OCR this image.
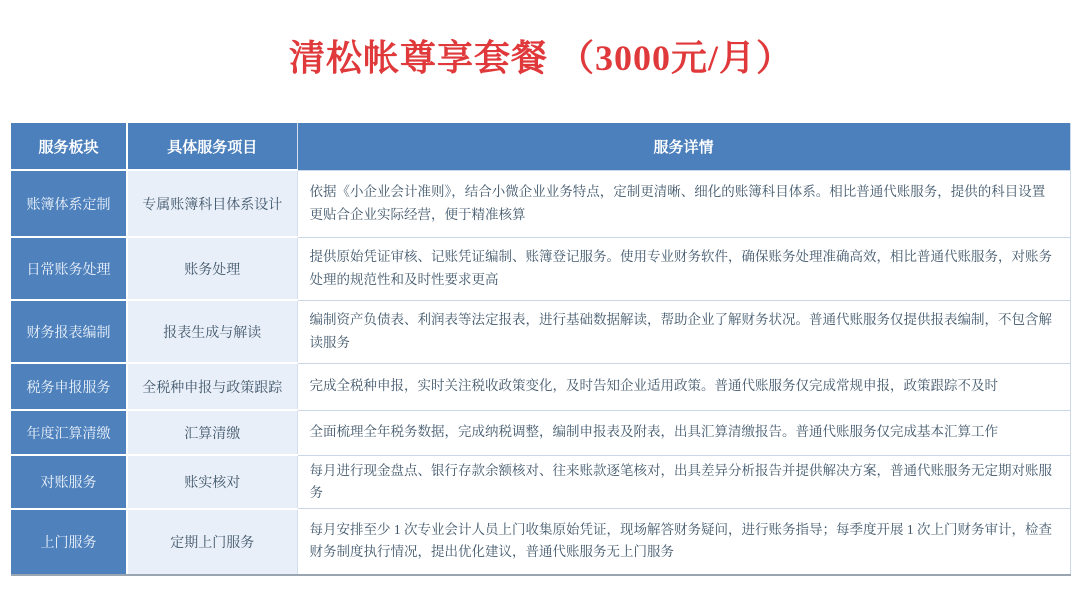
清松帐尊享套餐 （3000元/月）
服务板块	具体服务项目	服务详情
账簿体系定制	专属账簿科目体系设计	依据《小企业会计准则》，结合小微企业业务特点，定制更清晰、细化的账簿科目体系。相比普通代账服务，提供的科目设置更贴合企业实际经营，便于精准核算
日常账务处理	账务处理	提供原始凭证审核、记账凭证编制、账簿登记服务。使用专业财务软件，确保账务处理准确高效，相比普通代账服务，对账务处理的规范性和及时性要求更高
财务报表编制	报表生成与解读	编制资产负债表、利润表等法定报表，进行基础数据解读，帮助企业了解财务状况。普通代账服务仅提供报表编制，不包含解读服务
税务申报服务	全税种申报与政策跟踪	完成全税种申报，实时关注税收政策变化，及时告知企业适用政策。普通代账服务仅完成常规申报，政策跟踪不及时
年度汇算清缴	汇算清缴	全面梳理全年税务数据，完成纳税调整，编制申报表及附表，出具汇算清缴报告。普通代账服务仅完成基本汇算工作
对账服务	账实核对	每月进行现金盘点、银行存款余额核对、往来账款逐笔核对，出具差异分析报告并提供解决方案，普通代账服务无定期对账服务
上门服务	定期上门服务	每月安排至少 1 次专业会计人员上门收集原始凭证，现场解答财务疑问，进行账务指导；每季度开展 1 次上门财务审计，检查财务制度执行情况，提出优化建议，普通代账服务无上门服务
